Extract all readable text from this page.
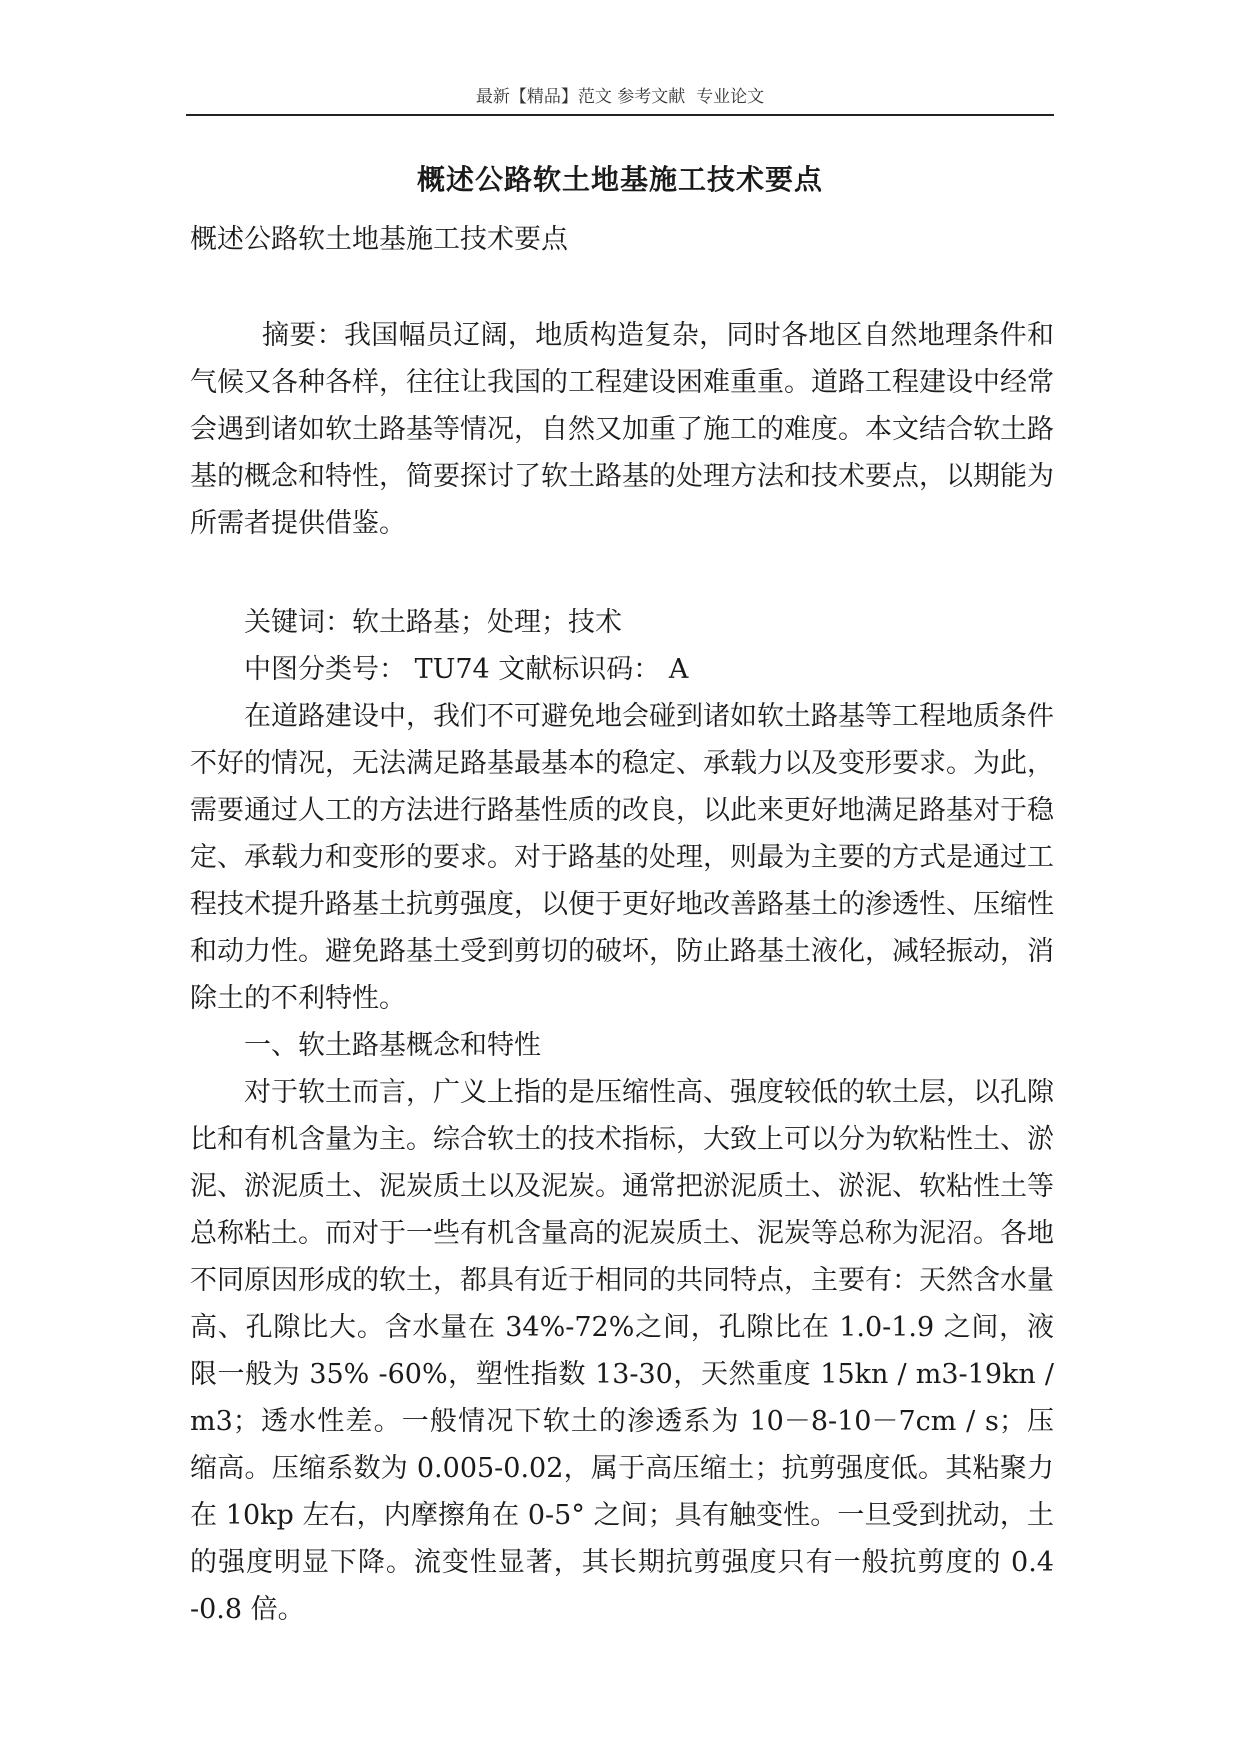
最新【精品】范文 参考文献  专业论文
概述公路软土地基施工技术要点
概述公路软土地基施工技术要点

摘要：我国幅员辽阔，地质构造复杂，同时各地区自然地理条件和气候又各种各样，往往让我国的工程建设困难重重。道路工程建设中经常会遇到诸如软土路基等情况，自然又加重了施工的难度。本文结合软土路基的概念和特性，简要探讨了软土路基的处理方法和技术要点，以期能为所需者提供借鉴。

关键词：软土路基；处理；技术

中图分类号： TU74 文献标识码： A

在道路建设中，我们不可避免地会碰到诸如软土路基等工程地质条件不好的情况，无法满足路基最基本的稳定、承载力以及变形要求。为此，需要通过人工的方法进行路基性质的改良，以此来更好地满足路基对于稳定、承载力和变形的要求。对于路基的处理，则最为主要的方式是通过工程技术提升路基土抗剪强度，以便于更好地改善路基土的渗透性、压缩性和动力性。避免路基土受到剪切的破坏，防止路基土液化，减轻振动，消除土的不利特性。

一、软土路基概念和特性

对于软土而言，广义上指的是压缩性高、强度较低的软土层，以孔隙比和有机含量为主。综合软土的技术指标，大致上可以分为软粘性土、淤泥、淤泥质土、泥炭质土以及泥炭。通常把淤泥质土、淤泥、软粘性土等总称粘土。而对于一些有机含量高的泥炭质土、泥炭等总称为泥沼。各地不同原因形成的软土，都具有近于相同的共同特点，主要有：天然含水量高、孔隙比大。含水量在 34%-72%之间，孔隙比在 1.0-1.9 之间，液限一般为 35% -60%，塑性指数 13-30，天然重度 15kn / m3-19kn / m3；透水性差。一般情况下软土的渗透系为 10－8-10－7cm / s；压缩高。压缩系数为 0.005-0.02，属于高压缩土；抗剪强度低。其粘聚力在 10kp 左右，内摩擦角在 0-5° 之间；具有触变性。一旦受到扰动，土的强度明显下降。流变性显著，其长期抗剪强度只有一般抗剪度的 0.4 -0.8 倍。
